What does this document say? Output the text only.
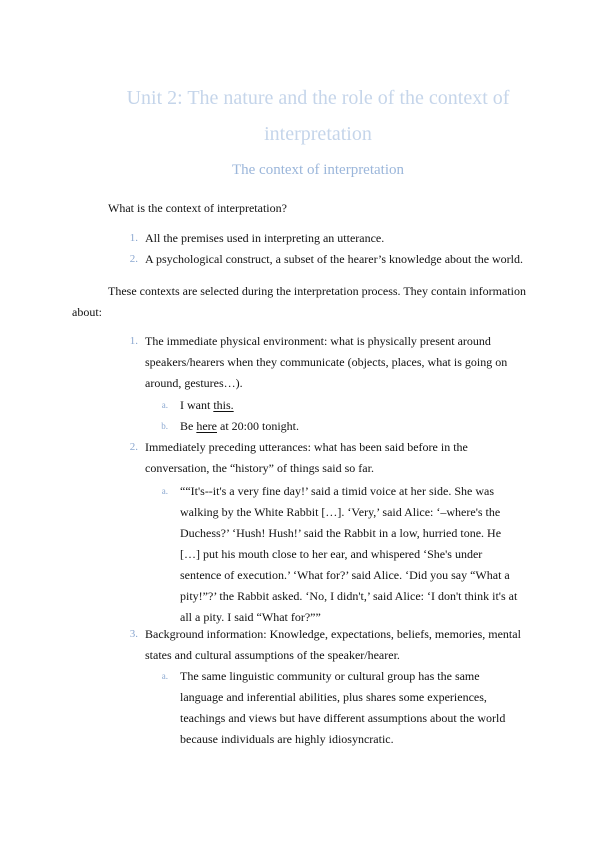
Unit 2: The nature and the role of the context of interpretation
The context of interpretation

What is the context of interpretation?

1. All the premises used in interpreting an utterance.
2. A psychological construct, a subset of the hearer’s knowledge about the world.

These contexts are selected during the interpretation process. They contain information about:

1. The immediate physical environment: what is physically present around speakers/hearers when they communicate (objects, places, what is going on around, gestures…).
a. I want this.
b. Be here at 20:00 tonight.
2. Immediately preceding utterances: what has been said before in the conversation, the “history” of things said so far.
a. ““It's--it's a very fine day!’ said a timid voice at her side. She was walking by the White Rabbit […]. ‘Very,’ said Alice: ‘–where's the Duchess?’ ‘Hush! Hush!’ said the Rabbit in a low, hurried tone. He […] put his mouth close to her ear, and whispered ‘She's under sentence of execution.’ ‘What for?’ said Alice. ‘Did you say “What a pity!”?’ the Rabbit asked. ‘No, I didn't,’ said Alice: ‘I don't think it's at all a pity. I said “What for?””
3. Background information: Knowledge, expectations, beliefs, memories, mental states and cultural assumptions of the speaker/hearer.
a. The same linguistic community or cultural group has the same language and inferential abilities, plus shares some experiences, teachings and views but have different assumptions about the world because individuals are highly idiosyncratic.
